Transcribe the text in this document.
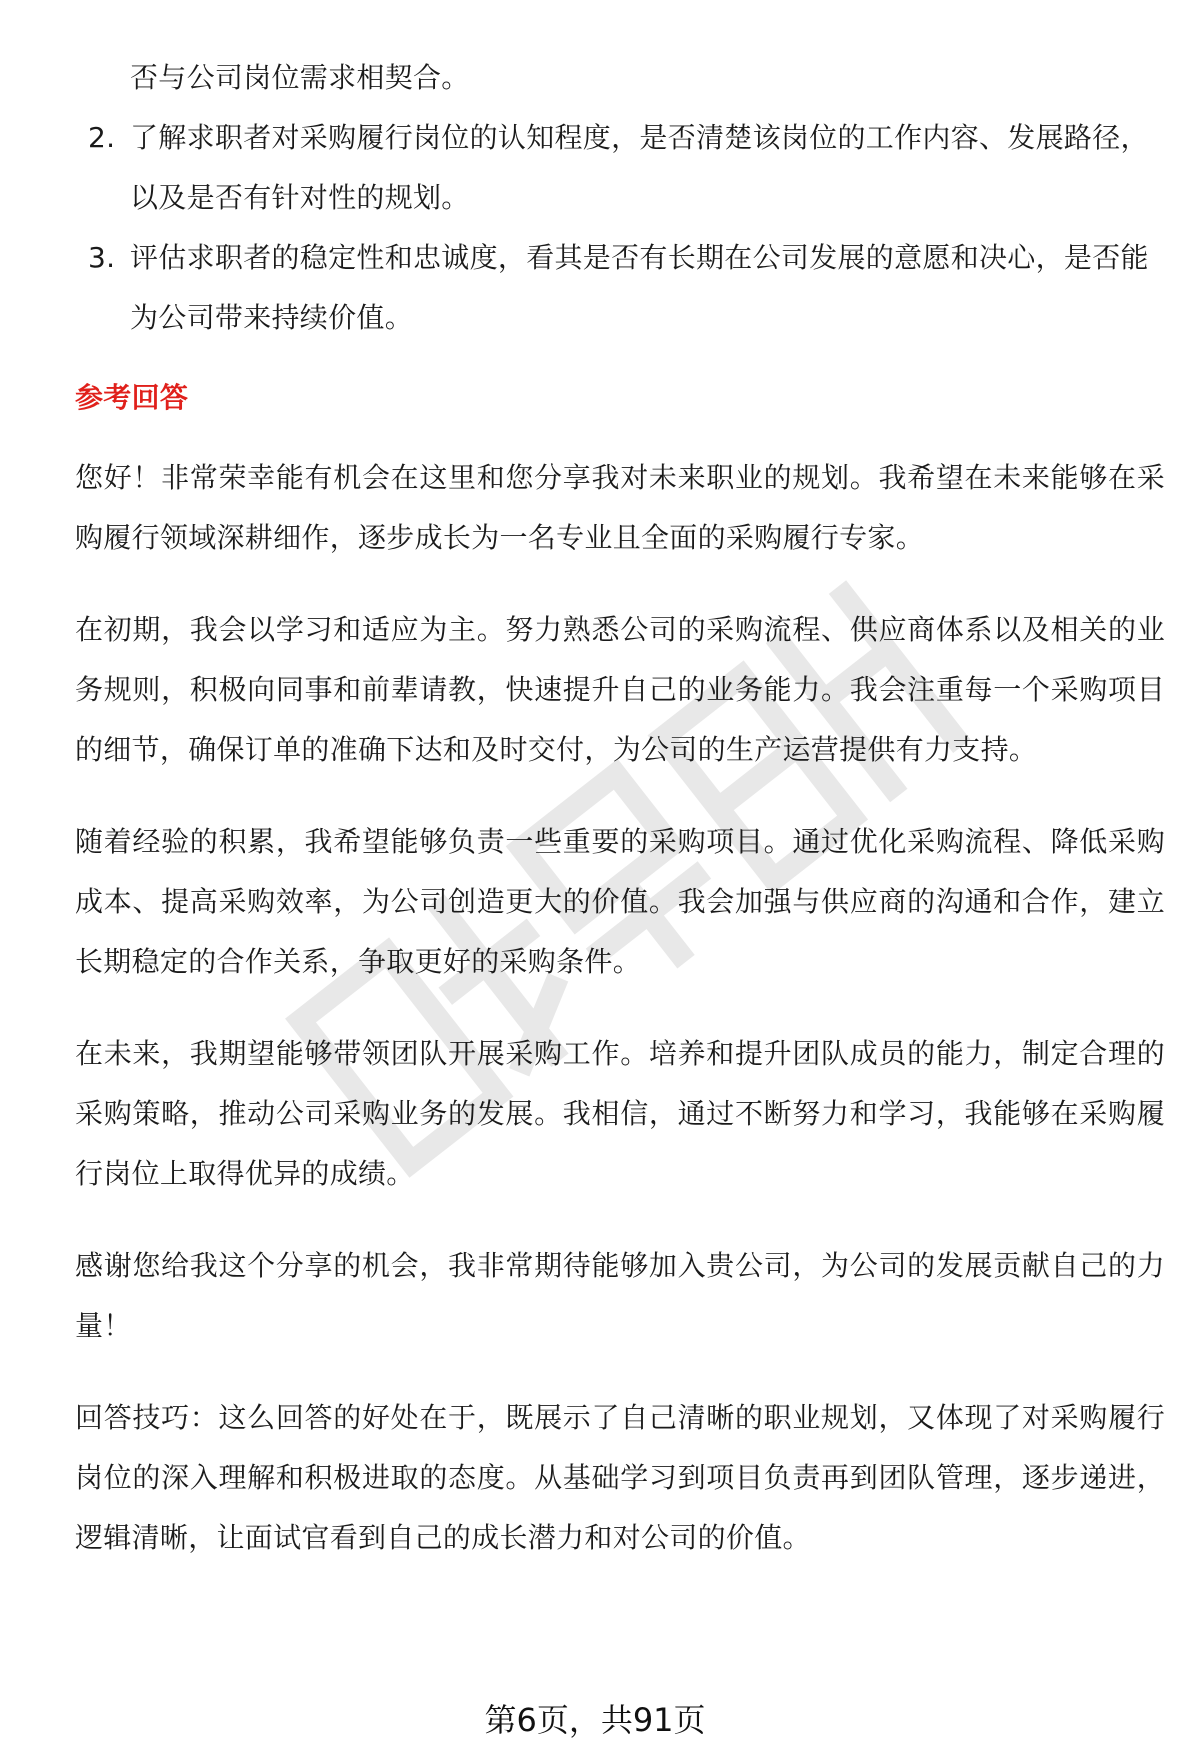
否与公司岗位需求相契合。

2. 了解求职者对采购履行岗位的认知程度，是否清楚该岗位的工作内容、发展路径，以及是否有针对性的规划。
3. 评估求职者的稳定性和忠诚度，看其是否有长期在公司发展的意愿和决心，是否能为公司带来持续价值。
参考回答

您好！非常荣幸能有机会在这里和您分享我对未来职业的规划。我希望在未来能够在采购履行领域深耕细作，逐步成长为一名专业且全面的采购履行专家。

在初期，我会以学习和适应为主。努力熟悉公司的采购流程、供应商体系以及相关的业务规则，积极向同事和前辈请教，快速提升自己的业务能力。我会注重每一个采购项目的细节，确保订单的准确下达和及时交付，为公司的生产运营提供有力支持。

随着经验的积累，我希望能够负责一些重要的采购项目。通过优化采购流程、降低采购成本、提高采购效率，为公司创造更大的价值。我会加强与供应商的沟通和合作，建立长期稳定的合作关系，争取更好的采购条件。

在未来，我期望能够带领团队开展采购工作。培养和提升团队成员的能力，制定合理的采购策略，推动公司采购业务的发展。我相信，通过不断努力和学习，我能够在采购履行岗位上取得优异的成绩。

感谢您给我这个分享的机会，我非常期待能够加入贵公司，为公司的发展贡献自己的力量！

回答技巧：这么回答的好处在于，既展示了自己清晰的职业规划，又体现了对采购履行岗位的深入理解和积极进取的态度。从基础学习到项目负责再到团队管理，逐步递进，逻辑清晰，让面试官看到自己的成长潜力和对公司的价值。

第6页，共91页
